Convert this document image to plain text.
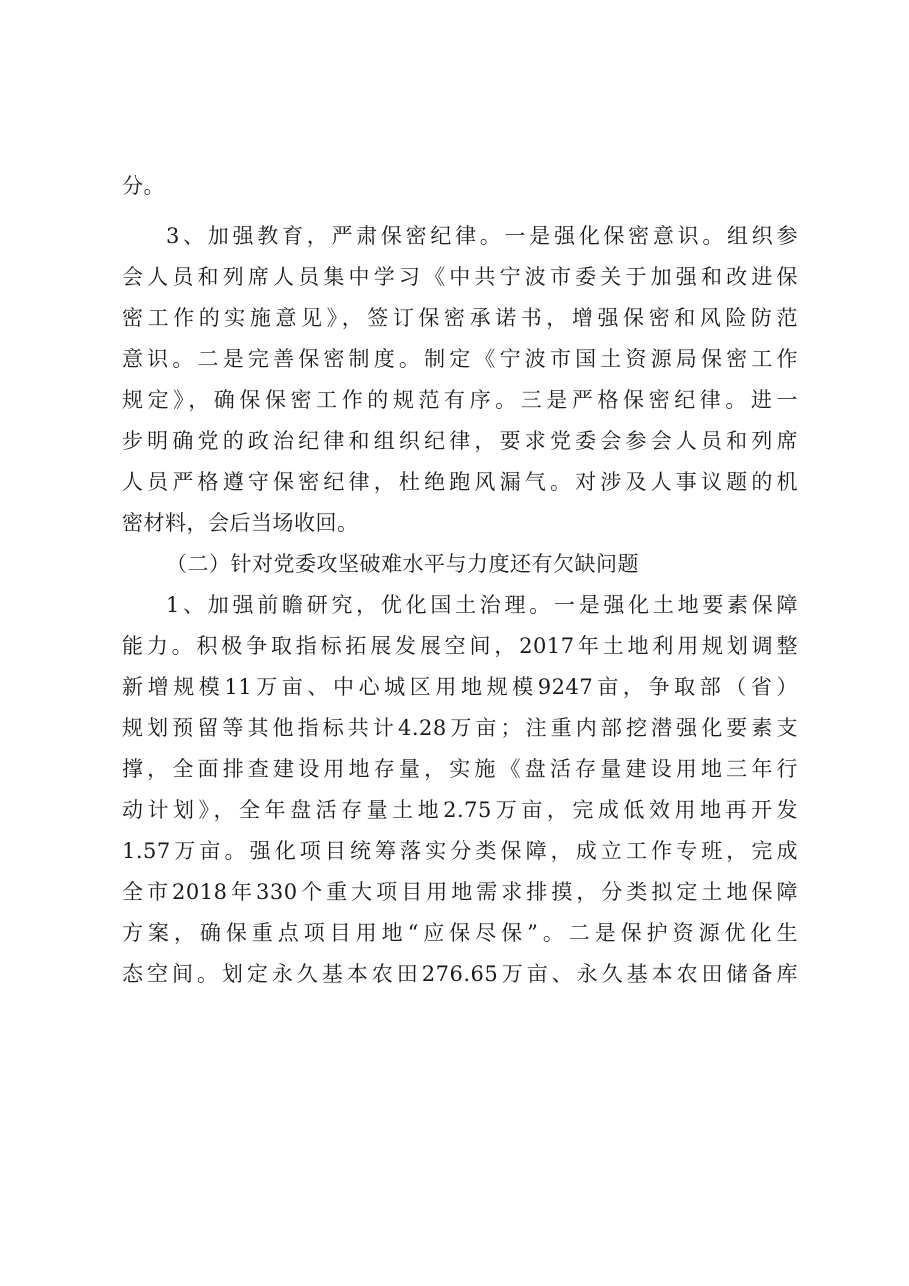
分。
3、加强教育，严肃保密纪律。一是强化保密意识。组织参
会人员和列席人员集中学习《中共宁波市委关于加强和改进保
密工作的实施意见》，签订保密承诺书，增强保密和风险防范
意识。二是完善保密制度。制定《宁波市国土资源局保密工作
规定》，确保保密工作的规范有序。三是严格保密纪律。进一
步明确党的政治纪律和组织纪律，要求党委会参会人员和列席
人员严格遵守保密纪律，杜绝跑风漏气。对涉及人事议题的机
密材料，会后当场收回。
（二）针对党委攻坚破难水平与力度还有欠缺问题
1、加强前瞻研究，优化国土治理。一是强化土地要素保障
能力。积极争取指标拓展发展空间，2017年土地利用规划调整
新增规模11万亩、中心城区用地规模9247亩，争取部（省）
规划预留等其他指标共计4.28万亩；注重内部挖潜强化要素支
撑，全面排查建设用地存量，实施《盘活存量建设用地三年行
动计划》，全年盘活存量土地2.75万亩，完成低效用地再开发
1.57万亩。强化项目统筹落实分类保障，成立工作专班，完成
全市2018年330个重大项目用地需求排摸，分类拟定土地保障
方案，确保重点项目用地“应保尽保”。二是保护资源优化生
态空间。划定永久基本农田276.65万亩、永久基本农田储备库
